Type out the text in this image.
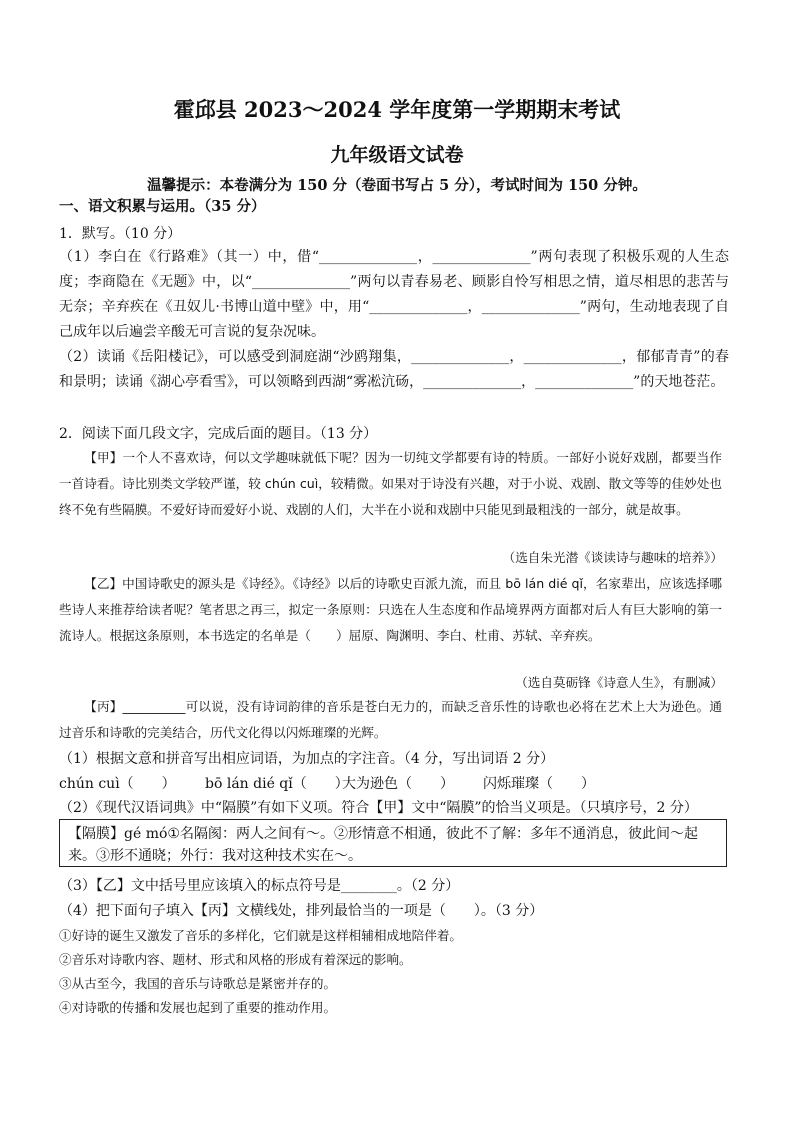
霍邱县 2023～2024 学年度第一学期期末考试
九年级语文试卷
温馨提示：本卷满分为 150 分（卷面书写占 5 分），考试时间为 150 分钟。
一、语文积累与运用。（35 分）
1．默写。（10 分）
（1）李白在《行路难》（其一）中，借“______________，______________”两句表现了积极乐观的人生态度；李商隐在《无题》中，以“______________”两句以青春易老、顾影自怜写相思之情，道尽相思的悲苦与无奈；辛弃疾在《丑奴儿·书博山道中壁》中，用“______________，______________”两句，生动地表现了自己成年以后遍尝辛酸无可言说的复杂况味。
（2）读诵《岳阳楼记》，可以感受到洞庭湖“沙鸥翔集，______________，______________，郁郁青青”的春和景明；读诵《湖心亭看雪》，可以领略到西湖“雾凇沆砀，______________，______________”的天地苍茫。
2．阅读下面几段文字，完成后面的题目。（13 分）
【甲】一个人不喜欢诗，何以文学趣味就低下呢？因为一切纯文学都要有诗的特质。一部好小说好戏剧，都要当作一首诗看。诗比别类文学较严谨，较 chún cuì，较精微。如果对于诗没有兴趣，对于小说、戏剧、散文等等的佳妙处也终不免有些隔膜。不爱好诗而爱好小说、戏剧的人们，大半在小说和戏剧中只能见到最粗浅的一部分，就是故事。
（选自朱光潜《谈读诗与趣味的培养》）
【乙】中国诗歌史的源头是《诗经》。《诗经》以后的诗歌史百派九流，而且 bō lán dié qǐ，名家辈出，应该选择哪些诗人来推荐给读者呢？笔者思之再三，拟定一条原则：只选在人生态度和作品境界两方面都对后人有巨大影响的第一流诗人。根据这条原则，本书选定的名单是（　　）屈原、陶渊明、李白、杜甫、苏轼、辛弃疾。
（选自莫砺锋《诗意人生》，有删减）
【丙】__________可以说，没有诗词韵律的音乐是苍白无力的，而缺乏音乐性的诗歌也必将在艺术上大为逊色。通过音乐和诗歌的完美结合，历代文化得以闪烁璀璨的光辉。
（1）根据文意和拼音写出相应词语，为加点的字注音。（4 分，写出词语 2 分）
chún cuì（　　） bō lán dié qǐ（　　）
大为逊色（　　） 闪烁璀璨（　　）
（2）《现代汉语词典》中“隔膜”有如下义项。符合【甲】文中“隔膜”的恰当义项是。（只填序号，2 分）
【隔膜】gé mó①名隔阂：两人之间有～。②形情意不相通，彼此不了解：多年不通消息，彼此间～起
来。③形不通晓；外行：我对这种技术实在～。
（3）【乙】文中括号里应该填入的标点符号是________。（2 分）
（4）把下面句子填入【丙】文横线处，排列最恰当的一项是（　　）。（3 分）
①好诗的诞生又激发了音乐的多样化，它们就是这样相辅相成地陪伴着。
②音乐对诗歌内容、题材、形式和风格的形成有着深远的影响。
③从古至今，我国的音乐与诗歌总是紧密并存的。
④对诗歌的传播和发展也起到了重要的推动作用。
